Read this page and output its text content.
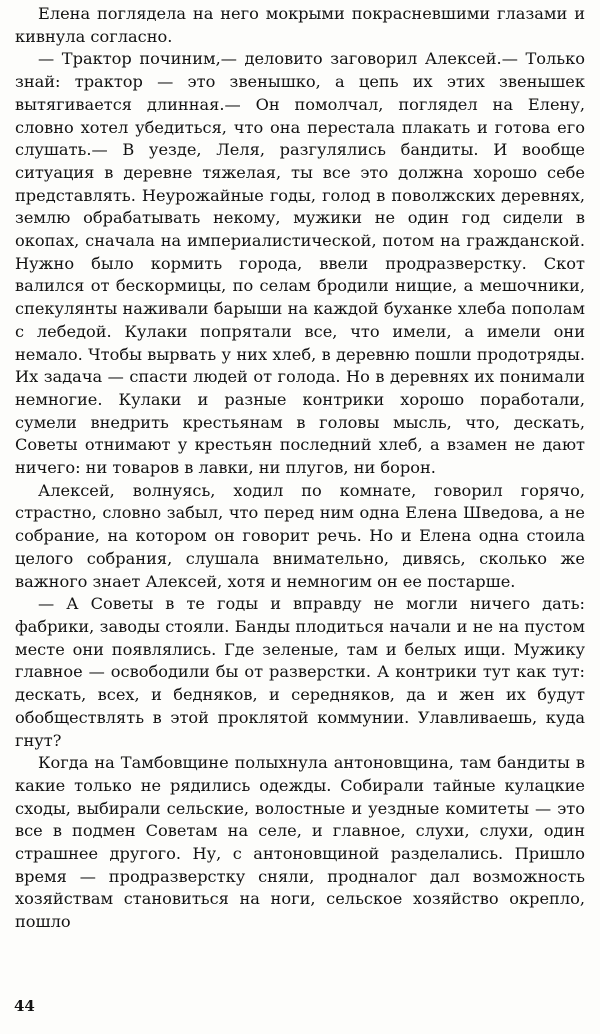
Елена поглядела на него мокрыми покрасневшими глазами и кивнула согласно.

— Трактор починим,— деловито заговорил Алексей.— Только знай: трактор — это звенышко, а цепь их этих звенышек вытягивается длинная.— Он помолчал, поглядел на Елену, словно хотел убедиться, что она перестала плакать и готова его слушать.— В уезде, Леля, разгулялись бандиты. И вообще ситуация в деревне тяжелая, ты все это должна хорошо себе представлять. Неурожайные годы, голод в поволжских деревнях, землю обрабатывать некому, мужики не один год сидели в окопах, сначала на империалистической, потом на гражданской. Нужно было кормить города, ввели продразверстку. Скот валился от бескормицы, по селам бродили нищие, а мешочники, спекулянты наживали барыши на каждой буханке хлеба пополам с лебедой. Кулаки попрятали все, что имели, а имели они немало. Чтобы вырвать у них хлеб, в деревню пошли продотряды. Их задача — спасти людей от голода. Но в деревнях их понимали немногие. Кулаки и разные контрики хорошо поработали, сумели внедрить крестьянам в головы мысль, что, дескать, Советы отнимают у крестьян последний хлеб, а взамен не дают ничего: ни товаров в лавки, ни плугов, ни борон.

Алексей, волнуясь, ходил по комнате, говорил горячо, страстно, словно забыл, что перед ним одна Елена Шведова, а не собрание, на котором он говорит речь. Но и Елена одна стоила целого собрания, слушала внимательно, дивясь, сколько же важного знает Алексей, хотя и немногим он ее постарше.

— А Советы в те годы и вправду не могли ничего дать: фабрики, заводы стояли. Банды плодиться начали и не на пустом месте они появлялись. Где зеленые, там и белых ищи. Мужику главное — освободили бы от разверстки. А контрики тут как тут: дескать, всех, и бедняков, и середняков, да и жен их будут обобществлять в этой проклятой коммунии. Улавливаешь, куда гнут?

Когда на Тамбовщине полыхнула антоновщина, там бандиты в какие только не рядились одежды. Собирали тайные кулацкие сходы, выбирали сельские, волостные и уездные комитеты — это все в подмен Советам на селе, и главное, слухи, слухи, один страшнее другого. Ну, с антоновщиной разделались. Пришло время — продразверстку сняли, продналог дал возможность хозяйствам становиться на ноги, сельское хозяйство окрепло, пошло

44
